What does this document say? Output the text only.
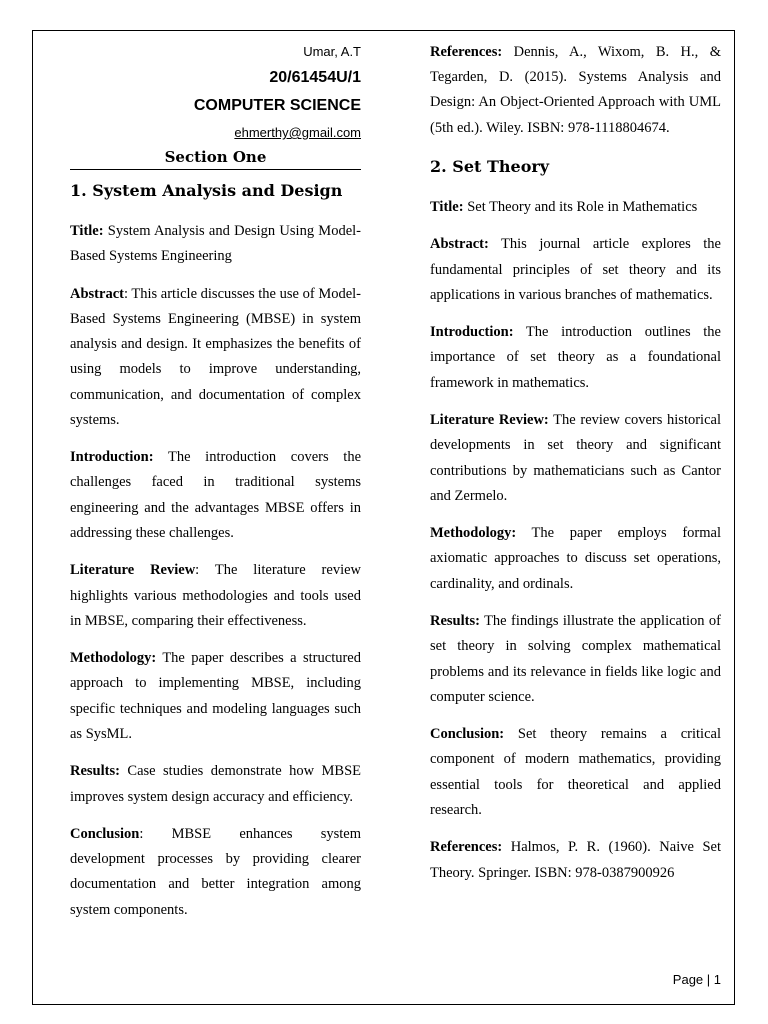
Umar, A.T
20/61454U/1
COMPUTER SCIENCE
ehmerthy@gmail.com
Section One
1. System Analysis and Design

Title: System Analysis and Design Using Model-Based Systems Engineering

Abstract: This article discusses the use of Model-Based Systems Engineering (MBSE) in system analysis and design. It emphasizes the benefits of using models to improve understanding, communication, and documentation of complex systems.

Introduction: The introduction covers the challenges faced in traditional systems engineering and the advantages MBSE offers in addressing these challenges.

Literature Review: The literature review highlights various methodologies and tools used in MBSE, comparing their effectiveness.

Methodology: The paper describes a structured approach to implementing MBSE, including specific techniques and modeling languages such as SysML.

Results: Case studies demonstrate how MBSE improves system design accuracy and efficiency.

Conclusion: MBSE enhances system development processes by providing clearer documentation and better integration among system components.

References: Dennis, A., Wixom, B. H., & Tegarden, D. (2015). Systems Analysis and Design: An Object-Oriented Approach with UML (5th ed.). Wiley. ISBN: 978-1118804674.

2. Set Theory

Title: Set Theory and its Role in Mathematics

Abstract: This journal article explores the fundamental principles of set theory and its applications in various branches of mathematics.

Introduction: The introduction outlines the importance of set theory as a foundational framework in mathematics.

Literature Review: The review covers historical developments in set theory and significant contributions by mathematicians such as Cantor and Zermelo.

Methodology: The paper employs formal axiomatic approaches to discuss set operations, cardinality, and ordinals.

Results: The findings illustrate the application of set theory in solving complex mathematical problems and its relevance in fields like logic and computer science.

Conclusion: Set theory remains a critical component of modern mathematics, providing essential tools for theoretical and applied research.

References: Halmos, P. R. (1960). Naive Set Theory. Springer. ISBN: 978-0387900926

Page | 1
